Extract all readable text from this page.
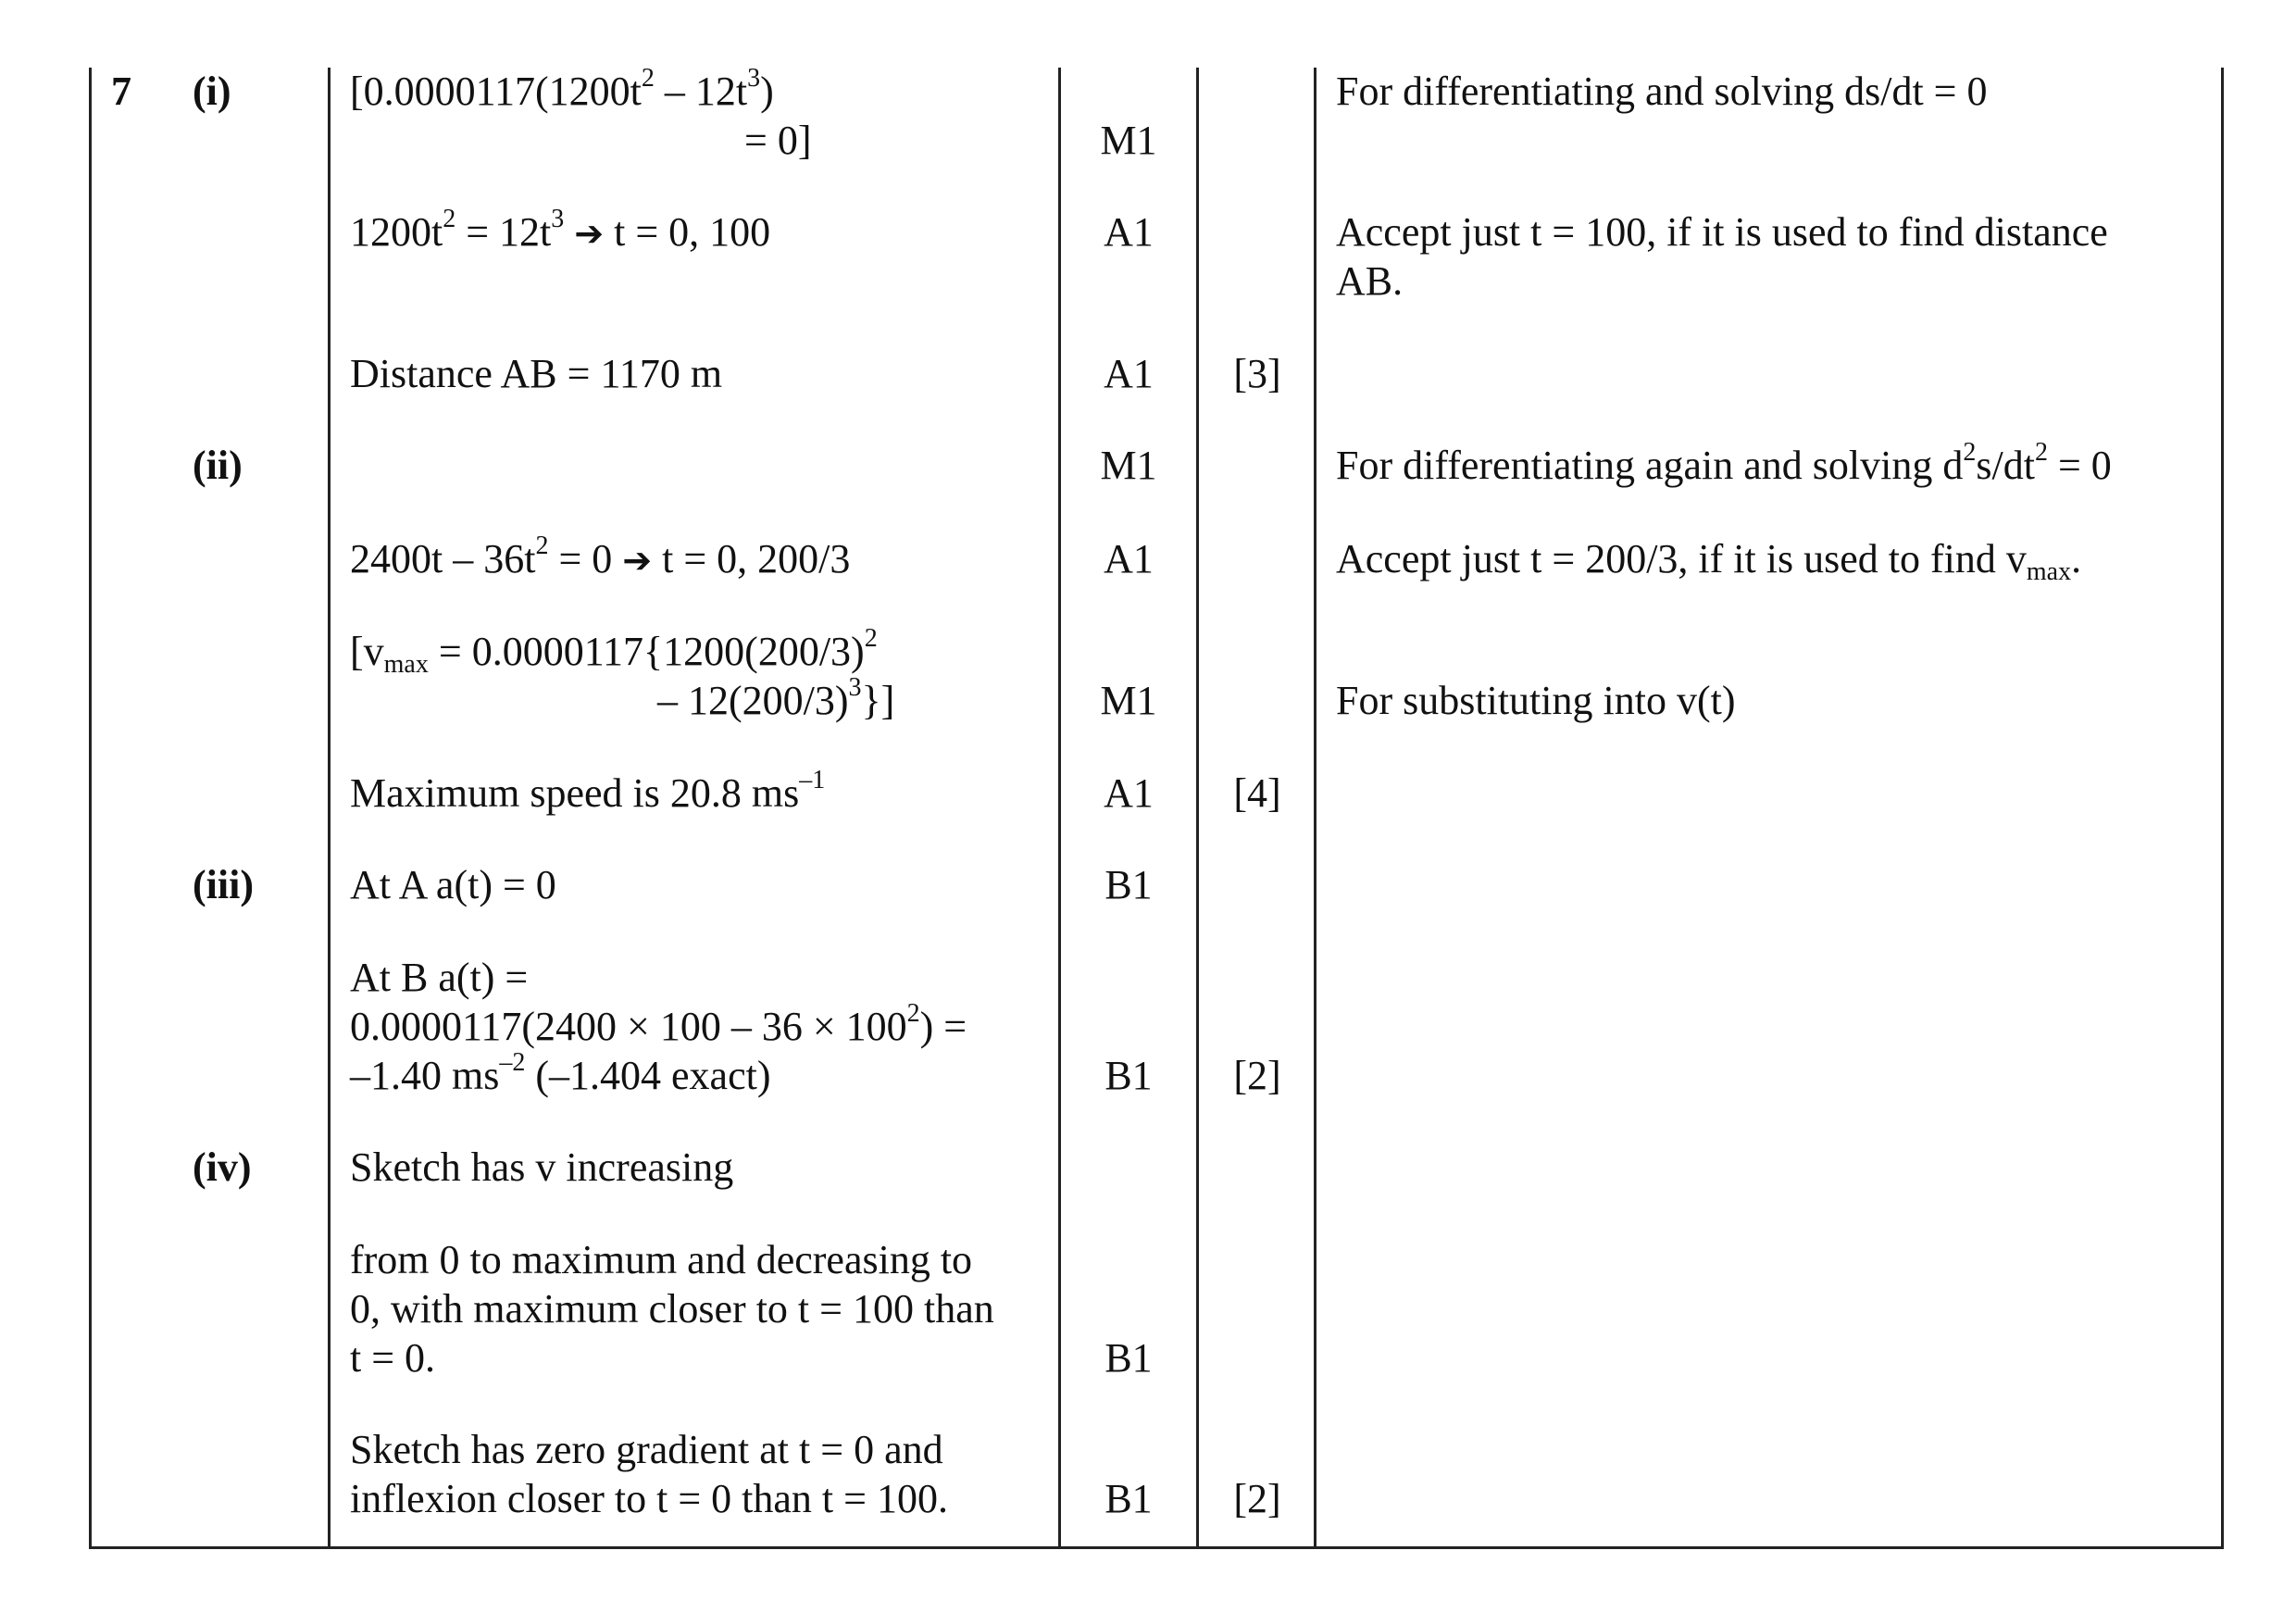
7 (i)
(ii)
(iii)
(iv)
[$0.0000117(1200t^2 - 12t^3)$
= 0]
$1200t^2 = 12t^3$ ➔ t = 0, 100
Distance AB = 1170 m
$2400t - 36t^2 = 0$ ➔ t = 0, 200/3
[$v_{max} = 0.0000117\{1200(200/3)^2$
– $12(200/3)^3$}]
Maximum speed is 20.8 $ms^{-1}$
At A a(t) = 0
At B a(t) =
$0.0000117(2400 \times 100 - 36 \times 100^2)$ =
–1.40 $ms^{-2}$ (–1.404 exact)
Sketch has v increasing
from 0 to maximum and decreasing to
0, with maximum closer to t = 100 than
t = 0.
Sketch has zero gradient at t = 0 and
inflexion closer to t = 0 than t = 100.
M1
A1
A1
M1
A1
M1
A1
B1
B1
B1
B1
[3]
[4]
[2]
[2]
For differentiating and solving ds/dt = 0
Accept just t = 100, if it is used to find distance
AB.
For differentiating again and solving $d^2s/dt^2 = 0$
Accept just t = 200/3, if it is used to find $v_{max}$.
For substituting into v(t)
